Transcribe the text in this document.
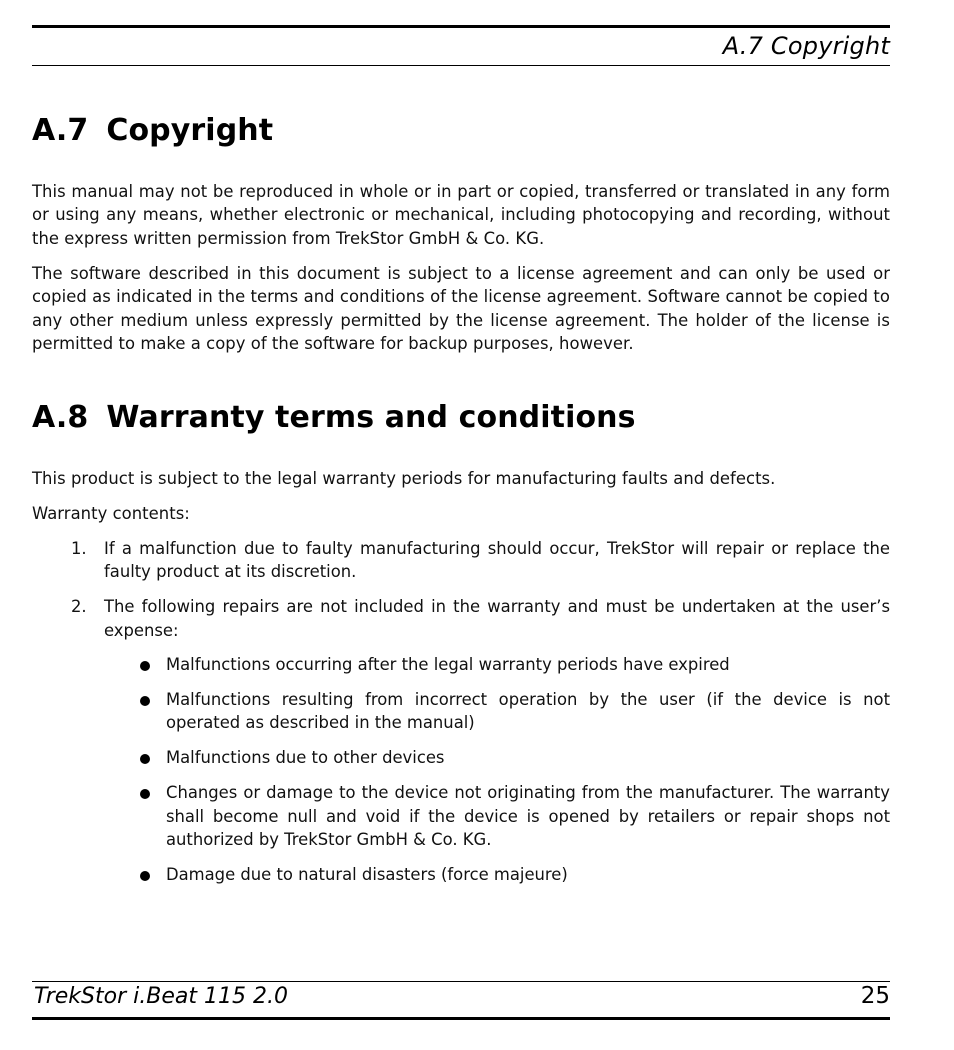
A.7 Copyright
A.7 Copyright

This manual may not be reproduced in whole or in part or copied, transferred or translated in any form or using any means, whether electronic or mechanical, including photocopying and recording, without the express written permission from TrekStor GmbH & Co. KG.

The software described in this document is subject to a license agreement and can only be used or copied as indicated in the terms and conditions of the license agreement. Software cannot be copied to any other medium unless expressly permitted by the license agreement. The holder of the license is permitted to make a copy of the software for backup purposes, however.

A.8 Warranty terms and conditions

This product is subject to the legal warranty periods for manufacturing faults and defects.

Warranty contents:

1. If a malfunction due to faulty manufacturing should occur, TrekStor will repair or replace the faulty product at its discretion.
2. The following repairs are not included in the warranty and must be undertaken at the user’s expense:
Malfunctions occurring after the legal warranty periods have expired
Malfunctions resulting from incorrect operation by the user (if the device is not operated as described in the manual)
Malfunctions due to other devices
Changes or damage to the device not originating from the manufacturer. The warranty shall become null and void if the device is opened by retailers or repair shops not authorized by TrekStor GmbH & Co. KG.
Damage due to natural disasters (force majeure)
TrekStor i.Beat 115 2.0	25
